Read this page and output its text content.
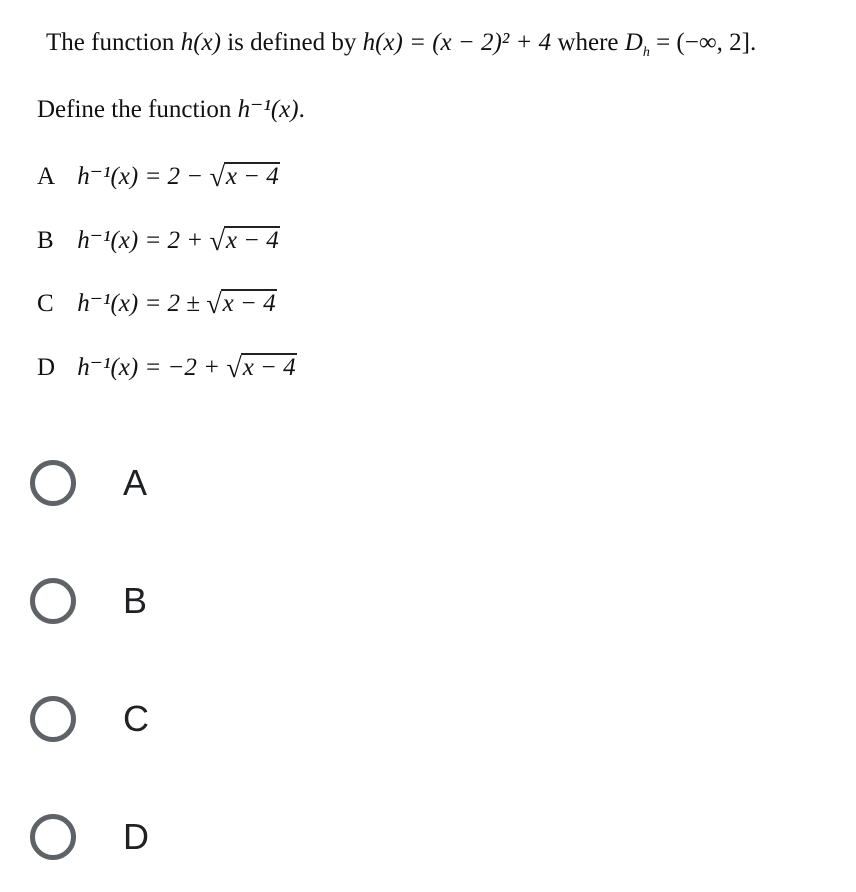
The function h(x) is defined by h(x) = (x − 2)² + 4 where $D_h$ = (−∞, 2].
Define the function h⁻¹(x).
A h⁻¹(x) = 2 − √x − 4
B h⁻¹(x) = 2 + √x − 4
C h⁻¹(x) = 2 ± √x − 4
D h⁻¹(x) = −2 + √x − 4
A
B
C
D
